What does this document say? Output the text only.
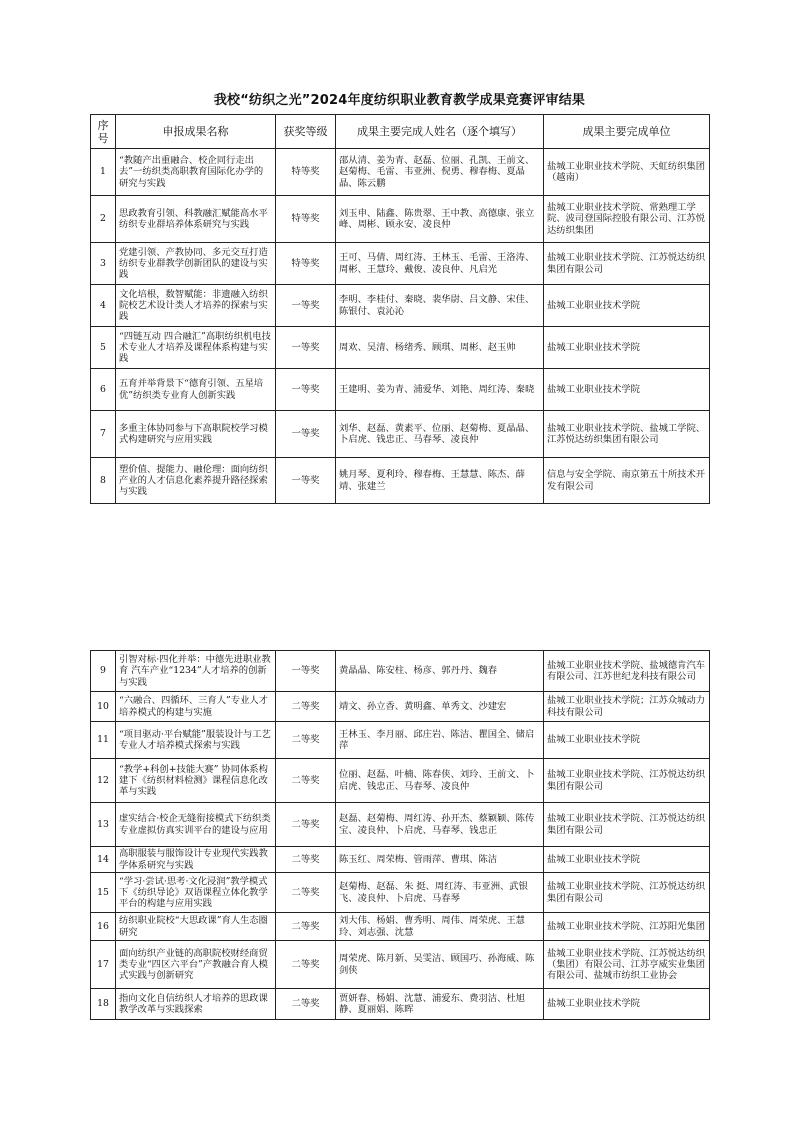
我校“纺织之光”2024年度纺织职业教育教学成果竞赛评审结果
序号	申报成果名称	获奖等级	成果主要完成人姓名（逐个填写）	成果主要完成单位
1	“教随产出重融合、校企同行走出去”一纺织类高职教育国际化办学的研究与实践	特等奖	邵从清、姜为青、赵磊、位丽、孔凯、王前文、赵菊梅、毛雷、韦亚洲、倪勇、穆春梅、夏晶晶、陈云鹏	盐城工业职业技术学院、天虹纺织集团（越南）
2	思政教育引领、科教融汇赋能高水平纺织专业群培养体系研究与实践	特等奖	刘玉申、陆鑫、陈贵翠、王中教、高德康、张立峰、周彬、顾永安、凌良仲	盐城工业职业技术学院、常熟理工学院、波司登国际控股有限公司、江苏悦达纺织集团
3	党建引领、产教协同、多元交互打造纺织专业群教学创新团队的建设与实践	特等奖	王可、马倩、周红涛、王林玉、毛雷、王洛涛、周彬、王慧玲、戴俊、凌良仲、凡启光	盐城工业职业技术学院、江苏悦达纺织集团有限公司
4	文化培根，数智赋能：非遗融入纺织院校艺术设计类人才培养的探索与实践	一等奖	李明、李桂付、秦晓、裴华尉、吕文静、宋佳、陈银付、袁沁沁	盐城工业职业技术学院
5	“四链互动 四合融汇”高职纺织机电技术专业人才培养及课程体系构建与实践	一等奖	周欢、吴清、杨绪秀、顾琪、周彬、赵玉帅	盐城工业职业技术学院
6	五育并举背景下“德育引领、五星培优”纺织类专业育人创新实践	一等奖	王建明、姜为青、浦爱华、刘艳、周红涛、秦晓	盐城工业职业技术学院
7	多重主体协同参与下高职院校学习模式构建研究与应用实践	一等奖	刘华、赵磊、黄素平、位丽、赵菊梅、夏晶晶、卜启虎、钱忠正、马春琴、凌良仲	盐城工业职业技术学院、盐城工学院、江苏悦达纺织集团有限公司
8	塑价值、提能力、融伦理：面向纺织产业的人才信息化素养提升路径探索与实践	一等奖	姚月琴、夏利玲、穆春梅、王慧慧、陈杰、薛靖、张建兰	信息与安全学院、南京第五十所技术开发有限公司
9	引智对标·四化并举：中德先进职业教育 汽车产业“1234”人才培养的创新与实践	一等奖	黄晶晶、陈安柱、杨彦、郭丹丹、魏春	盐城工业职业技术学院、盐城德肯汽车有限公司、江苏世纪龙科技有限公司
10	“六融合、四循环、三育人”专业人才培养模式的构建与实施	二等奖	靖文、孙立香、黄明鑫、单秀文、沙建宏	盐城工业职业技术学院；江苏众城动力科技有限公司
11	“项目驱动·平台赋能”服装设计与工艺专业人才培养模式探索与实践	二等奖	王林玉、李月丽、邱庄岩、陈洁、瞿国全、储启萍	盐城工业职业技术学院
12	“教学+科创+技能大赛” 协同体系构建下《纺织材料检测》课程信息化改革与实践	二等奖	位丽、赵磊、叶楠、陈春侠、刘玲、王前文、卜启虎、钱忠正、马春琴、凌良仲	盐城工业职业技术学院、江苏悦达纺织集团有限公司
13	虚实结合·校企无缝衔接模式下纺织类专业虚拟仿真实训平台的建设与应用	二等奖	赵磊、赵菊梅、周红涛、孙开杰、蔡颖颖、陈传宝、凌良仲、卜启虎、马春琴、钱忠正	盐城工业职业技术学院、江苏悦达纺织集团有限公司
14	高职服装与服饰设计专业现代实践教学体系研究与实践	二等奖	陈玉红、周荣梅、管雨萍、曹琪、陈洁	盐城工业职业技术学院
15	“学习·尝试·思考·文化浸润”教学模式下《纺织导论》双语课程立体化教学平台的构建与应用实践	二等奖	赵菊梅、赵磊、朱 挺、周红涛、韦亚洲、武银飞、凌良仲、卜启虎、马春琴	盐城工业职业技术学院、江苏悦达纺织集团有限公司
16	纺织职业院校“大思政课”育人生态圈研究	二等奖	刘大伟、杨娟、曹秀明、周伟、周荣虎、王慧玲、刘志强、沈慧	盐城工业职业技术学院、江苏阳光集团
17	面向纺织产业链的高职院校财经商贸类专业“四区六平台”产教融合育人模式实践与创新研究	二等奖	周荣虎、陈月新、吴雯洁、顾国巧、孙海威、陈剑侠	盐城工业职业技术学院、江苏悦达纺织（集团）有限公司、江苏亨威实业集团有限公司、盐城市纺织工业协会
18	指向文化自信纺织人才培养的思政课教学改革与实践探索	二等奖	贾妍春、杨娟、沈慧、浦爱东、费羽洁、杜旭静、夏丽娟、陈晖	盐城工业职业技术学院
